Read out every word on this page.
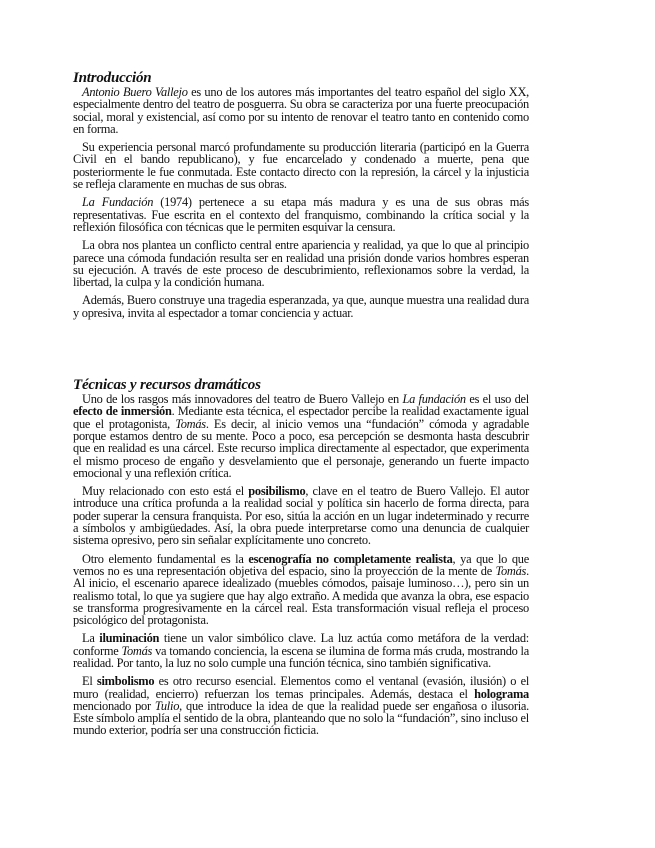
Introducción

Antonio Buero Vallejo es uno de los autores más importantes del teatro español del siglo XX, especialmente dentro del teatro de posguerra. Su obra se caracteriza por una fuerte preocupación social, moral y existencial, así como por su intento de renovar el teatro tanto en contenido como en forma.

Su experiencia personal marcó profundamente su producción literaria (participó en la Guerra Civil en el bando republicano), y fue encarcelado y condenado a muerte, pena que posteriormente le fue conmutada. Este contacto directo con la represión, la cárcel y la injusticia se refleja claramente en muchas de sus obras.

La Fundación (1974) pertenece a su etapa más madura y es una de sus obras más representativas. Fue escrita en el contexto del franquismo, combinando la crítica social y la reflexión filosófica con técnicas que le permiten esquivar la censura.

La obra nos plantea un conflicto central entre apariencia y realidad, ya que lo que al principio parece una cómoda fundación resulta ser en realidad una prisión donde varios hombres esperan su ejecución. A través de este proceso de descubrimiento, reflexionamos sobre la verdad, la libertad, la culpa y la condición humana.

Además, Buero construye una tragedia esperanzada, ya que, aunque muestra una realidad dura y opresiva, invita al espectador a tomar conciencia y actuar.

Técnicas y recursos dramáticos

Uno de los rasgos más innovadores del teatro de Buero Vallejo en La fundación es el uso del efecto de inmersión. Mediante esta técnica, el espectador percibe la realidad exactamente igual que el protagonista, Tomás. Es decir, al inicio vemos una “fundación” cómoda y agradable porque estamos dentro de su mente. Poco a poco, esa percepción se desmonta hasta descubrir que en realidad es una cárcel. Este recurso implica directamente al espectador, que experimenta el mismo proceso de engaño y desvelamiento que el personaje, generando un fuerte impacto emocional y una reflexión crítica.

Muy relacionado con esto está el posibilismo, clave en el teatro de Buero Vallejo. El autor introduce una crítica profunda a la realidad social y política sin hacerlo de forma directa, para poder superar la censura franquista. Por eso, sitúa la acción en un lugar indeterminado y recurre a símbolos y ambigüedades. Así, la obra puede interpretarse como una denuncia de cualquier sistema opresivo, pero sin señalar explícitamente uno concreto.

Otro elemento fundamental es la escenografía no completamente realista, ya que lo que vemos no es una representación objetiva del espacio, sino la proyección de la mente de Tomás. Al inicio, el escenario aparece idealizado (muebles cómodos, paisaje luminoso…), pero sin un realismo total, lo que ya sugiere que hay algo extraño. A medida que avanza la obra, ese espacio se transforma progresivamente en la cárcel real. Esta transformación visual refleja el proceso psicológico del protagonista.

La iluminación tiene un valor simbólico clave. La luz actúa como metáfora de la verdad: conforme Tomás va tomando conciencia, la escena se ilumina de forma más cruda, mostrando la realidad. Por tanto, la luz no solo cumple una función técnica, sino también significativa.

El simbolismo es otro recurso esencial. Elementos como el ventanal (evasión, ilusión) o el muro (realidad, encierro) refuerzan los temas principales. Además, destaca el holograma mencionado por Tulio, que introduce la idea de que la realidad puede ser engañosa o ilusoria. Este símbolo amplía el sentido de la obra, planteando que no solo la “fundación”, sino incluso el mundo exterior, podría ser una construcción ficticia.
